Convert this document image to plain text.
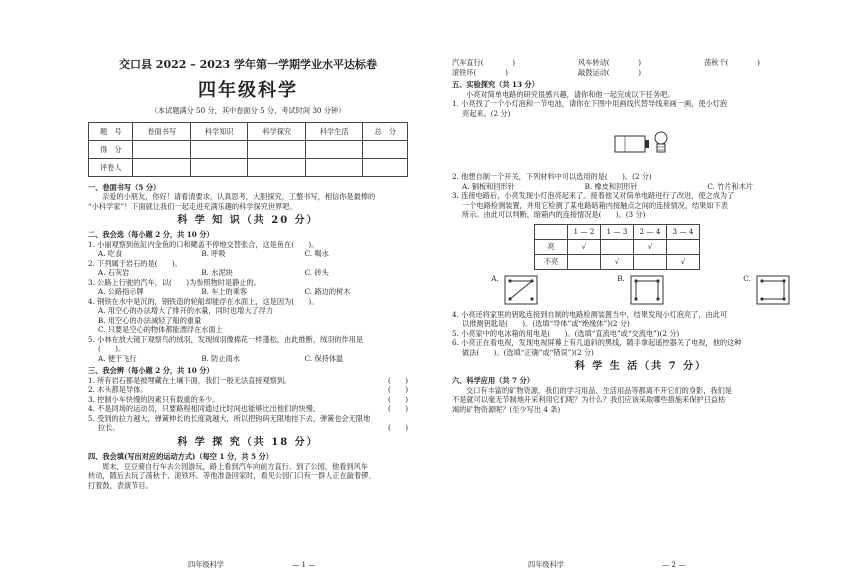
交口县 2022 – 2023 学年第一学期学业水平达标卷
四年级科学
（本试题满分 50 分，其中卷面分 5 分，考试时间 30 分钟）
题　号	卷面书写	科学知识	科学探究	科学生活	总　分
得　分					
评卷人					
一、卷面书写（5 分）
亲爱的小朋友，你好！请看清要求，认真思考，大胆探究，工整书写，相信你是最棒的
“小科学家”！下面就让我们一起走进充满乐趣的科学探究世界吧。
科 学 知 识（共 20 分）
二、我会选（每小题 2 分，共 10 分）
1. 小丽观察到鱼缸内金鱼的口和鳃盖不停地交替张合，这是鱼在(　　)。
A. 吃食	B. 呼吸	C. 喝水
2. 下列属于岩石的是(　　)。
A. 石灰岩	B. 水泥块	C. 砖头
3. 公路上行驶的汽车，以(　　)为参照物时是静止的。
A. 公路指示牌	B. 车上的乘客	C. 路边的树木
4. 钢铁在水中是沉的，钢铁造的轮船却能浮在水面上，这是因为(　　)。
A. 用空心的办法增大了排开的水量，同时也增大了浮力
B. 用空心的办法减轻了船的重量
C. 只要是空心的物体都能漂浮在水面上
5. 小林在放大镜下观察鸟的绒羽，发现绒羽像棉花一样蓬松，由此推断，绒羽的作用是
(　　)。
A. 便于飞行	B. 防止雨水	C. 保持体温
三、我会辨（每小题 2 分，共 10 分）
1. 所有岩石都是被埋藏在土壤下面，我们一般无法直接观察到。	(　　)
2. 木头都是导体。	(　　)
3. 控制小车快慢的因素只有载重的多少。	(　　)
4. 不是同场的运动员，只要路程相同通过比时间也能够比出他们的快慢。	(　　)
5. 受到的拉力越大，弹簧伸长的长度就越大，所以把钩码无限地挂下去，弹簧也会无限地
拉长。	(　　)
科 学 探 究（共 18 分）
四、我会填(写出对应的运动方式)（每空 1 分，共 5 分）
周末，豆豆骑自行车去公园游玩，路上看到汽车向前方直行。到了公园，他看到风车
转动，随后去玩了荡秋千、滚铁环。等他准备回家时，看见公园门口有一群人正在敲着锣、
打着鼓，表演节目。
四年级科学	— 1 —
汽车直行(　　　　)	风车转动(　　　　)	荡秋千(　　　　)
滚铁环(　　　　)	敲鼓运动(　　　　)
五、实验探究（共 13 分）
小亮对简单电路的研究很感兴趣，请你和他一起完成以下任务吧。
1. 小亮找了一个小灯泡和一节电池，请你在下图中用画线代替导线来画一画，使小灯泡
亮起来。(2 分)
2. 他想自制一个开关，下列材料中可以选用的是(　　)。(2 分)
A. 铜板和回形针	B. 橡皮和回形针	C. 竹片和木片
3. 连接电路后，小亮发现小灯泡亮起来了。接着他又对简单电路进行了改进，使之成为了
一个电路检测装置，并用它检测了某电路暗箱内接触点之间的连接情况，结果如下表
所示。由此可以判断，暗箱内的连接情况是(　　)。(3 分)
	1 — 2	1 — 3	2 — 4	3 — 4
亮	√		√	
不亮		√		√
A.	B.	C.
4. 小亮还将家里的钥匙连接到自制的电路检测装置当中，结果发现小灯泡亮了，由此可
以推测钥匙是(　　)。(选填“导体”或“绝缘体”)(2 分)
5. 小亮家中的电冰箱的用电是(　　)。(选填“直流电”或“交流电”)(2 分)
6. 小亮正在看电视，发现电视屏幕上有几道斜的黑线，随手拿起遥控器关了电视，他的这种
做法(　　)。(选填“正确”或“错误”)(2 分)
科 学 生 活（共 7 分）
六、科学应用（共 7 分）
交口有丰富的矿物资源，我们的学习用品、生活用品等都离不开它们的身影，我们是
不是就可以毫无节制地开采利用它们呢？为什么？我们应该采取哪些措施来保护日益枯
竭的矿物资源呢？(至少写出 4 条)
四年级科学	— 2 —
